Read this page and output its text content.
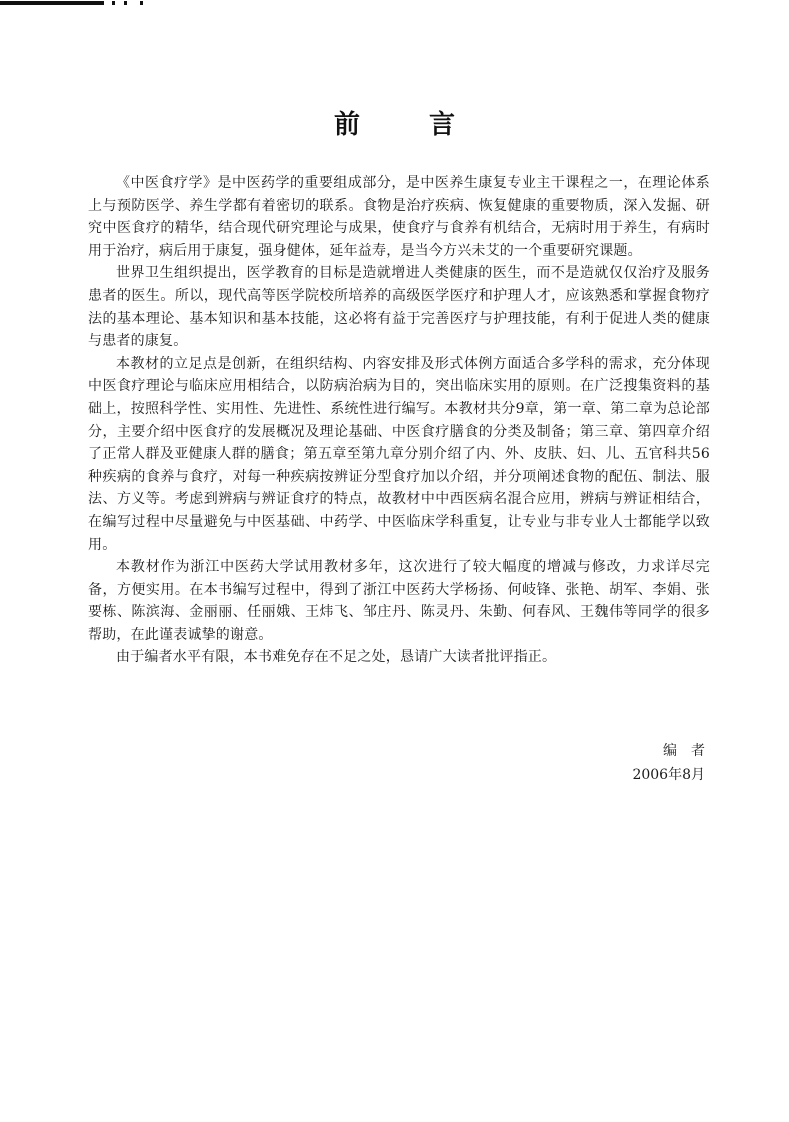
前 言

《中医食疗学》是中医药学的重要组成部分，是中医养生康复专业主干课程之一，在理论体系上与预防医学、养生学都有着密切的联系。食物是治疗疾病、恢复健康的重要物质，深入发掘、研究中医食疗的精华，结合现代研究理论与成果，使食疗与食养有机结合，无病时用于养生，有病时用于治疗，病后用于康复，强身健体，延年益寿，是当今方兴未艾的一个重要研究课题。

世界卫生组织提出，医学教育的目标是造就增进人类健康的医生，而不是造就仅仅治疗及服务患者的医生。所以，现代高等医学院校所培养的高级医学医疗和护理人才，应该熟悉和掌握食物疗法的基本理论、基本知识和基本技能，这必将有益于完善医疗与护理技能，有利于促进人类的健康与患者的康复。

本教材的立足点是创新，在组织结构、内容安排及形式体例方面适合多学科的需求，充分体现中医食疗理论与临床应用相结合，以防病治病为目的，突出临床实用的原则。在广泛搜集资料的基础上，按照科学性、实用性、先进性、系统性进行编写。本教材共分9章，第一章、第二章为总论部分，主要介绍中医食疗的发展概况及理论基础、中医食疗膳食的分类及制备；第三章、第四章介绍了正常人群及亚健康人群的膳食；第五章至第九章分别介绍了内、外、皮肤、妇、儿、五官科共56种疾病的食养与食疗，对每一种疾病按辨证分型食疗加以介绍，并分项阐述食物的配伍、制法、服法、方义等。考虑到辨病与辨证食疗的特点，故教材中中西医病名混合应用，辨病与辨证相结合，在编写过程中尽量避免与中医基础、中药学、中医临床学科重复，让专业与非专业人士都能学以致用。

本教材作为浙江中医药大学试用教材多年，这次进行了较大幅度的增减与修改，力求详尽完备，方便实用。在本书编写过程中，得到了浙江中医药大学杨扬、何岐锋、张艳、胡军、李娟、张要栋、陈滨海、金丽丽、任丽娥、王炜飞、邹庄丹、陈灵丹、朱勤、何春风、王魏伟等同学的很多帮助，在此谨表诚挚的谢意。

由于编者水平有限，本书难免存在不足之处，恳请广大读者批评指正。

编者
2006年8月
